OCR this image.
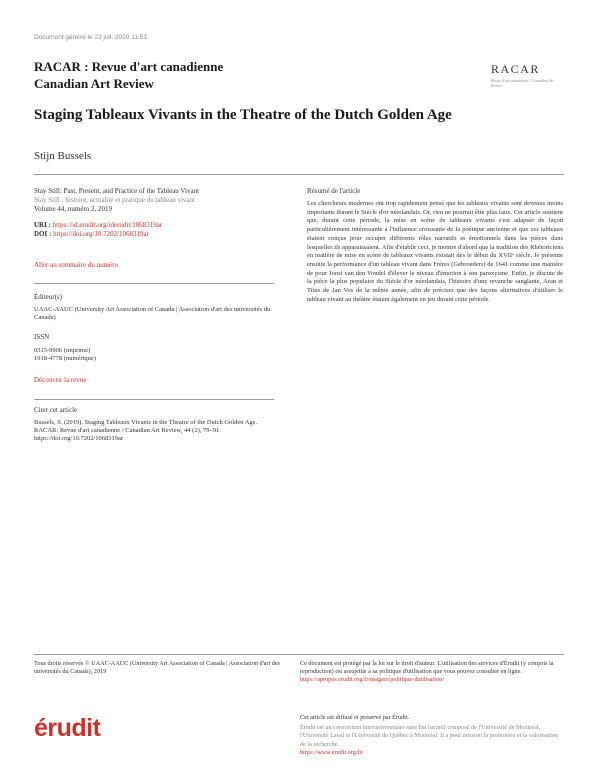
Document généré le 23 juil. 2020 11:53
RACAR : Revue d'art canadienne
Canadian Art Review
RACAR
Revue d'art canadienne | Canadian Art Review
Staging Tableaux Vivants in the Theatre of the Dutch Golden Age
Stijn Bussels
Stay Still: Past, Present, and Practice of the Tableau Vivant
Stay Still : histoire, actualité et pratique du tableau vivant
Volume 44, numéro 2, 2019
URI : https://id.erudit.org/iderudit/1068319ar
DOI : https://doi.org/10.7202/1068319ar
Aller au sommaire du numéro
Éditeur(s)
UAAC-AAUC (University Art Association of Canada | Association d'art des universités du Canada)
ISSN
0315-9906 (imprimé)
1918-4778 (numérique)
Découvrir la revue
Citer cet article
Bussels, S. (2019). Staging Tableaux Vivants in the Theatre of the Dutch Golden Age. RACAR: Revue d'art canadienne / Canadian Art Review, 44 (2), 79–91. https://doi.org/10.7202/1068319ar
Résumé de l'article

Les chercheurs modernes ont trop rapidement pensé que les tableaux vivants sont devenus moins importants durant le Siècle d'or néerlandais. Or, rien ne pourrait être plus faux. Cet article soutient que, durant cette période, la mise en scène de tableaux vivants s'est adaptée de façon particulièrement intéressante à l'influence croissante de la poétique ancienne et que ces tableaux étaient conçus pour occuper différents rôles narratifs et émotionnels dans les pièces dans lesquelles ils apparaissaient. Afin d'établir ceci, je montre d'abord que la tradition des Rhétoriciens en matière de mise en scène de tableaux vivants existait dès le début du XVIIᵉ siècle. Je présente ensuite la performance d'un tableau vivant dans Frères (Gebroeders) de 1641 comme une manière de pour Joost van den Vondel d'élever le niveau d'émotion à son paroxysme. Enfin, je discute de la pièce la plus populaire du Siècle d'or néerlandais, l'histoire d'une revanche sanglante, Aran et Titus de Jan Vos de la même année, afin de préciser que des façons alternatives d'utiliser le tableau vivant au théâtre étaient également en jeu durant cette période.

Tous droits réservés © UAAC-AAUC (University Art Association of Canada | Association d'art des universités du Canada), 2019
Ce document est protégé par la loi sur le droit d'auteur. L'utilisation des services d'Érudit (y compris la reproduction) est assujettie à sa politique d'utilisation que vous pouvez consulter en ligne.
https://apropos.erudit.org/fr/usagers/politique-dutilisation/
érudit	Cet article est diffusé et préservé par Érudit.
Érudit est un consortium interuniversitaire sans but lucratif composé de l'Université de Montréal, l'Université Laval et l'Université du Québec à Montréal. Il a pour mission la promotion et la valorisation de la recherche.
https://www.erudit.org/fr/
